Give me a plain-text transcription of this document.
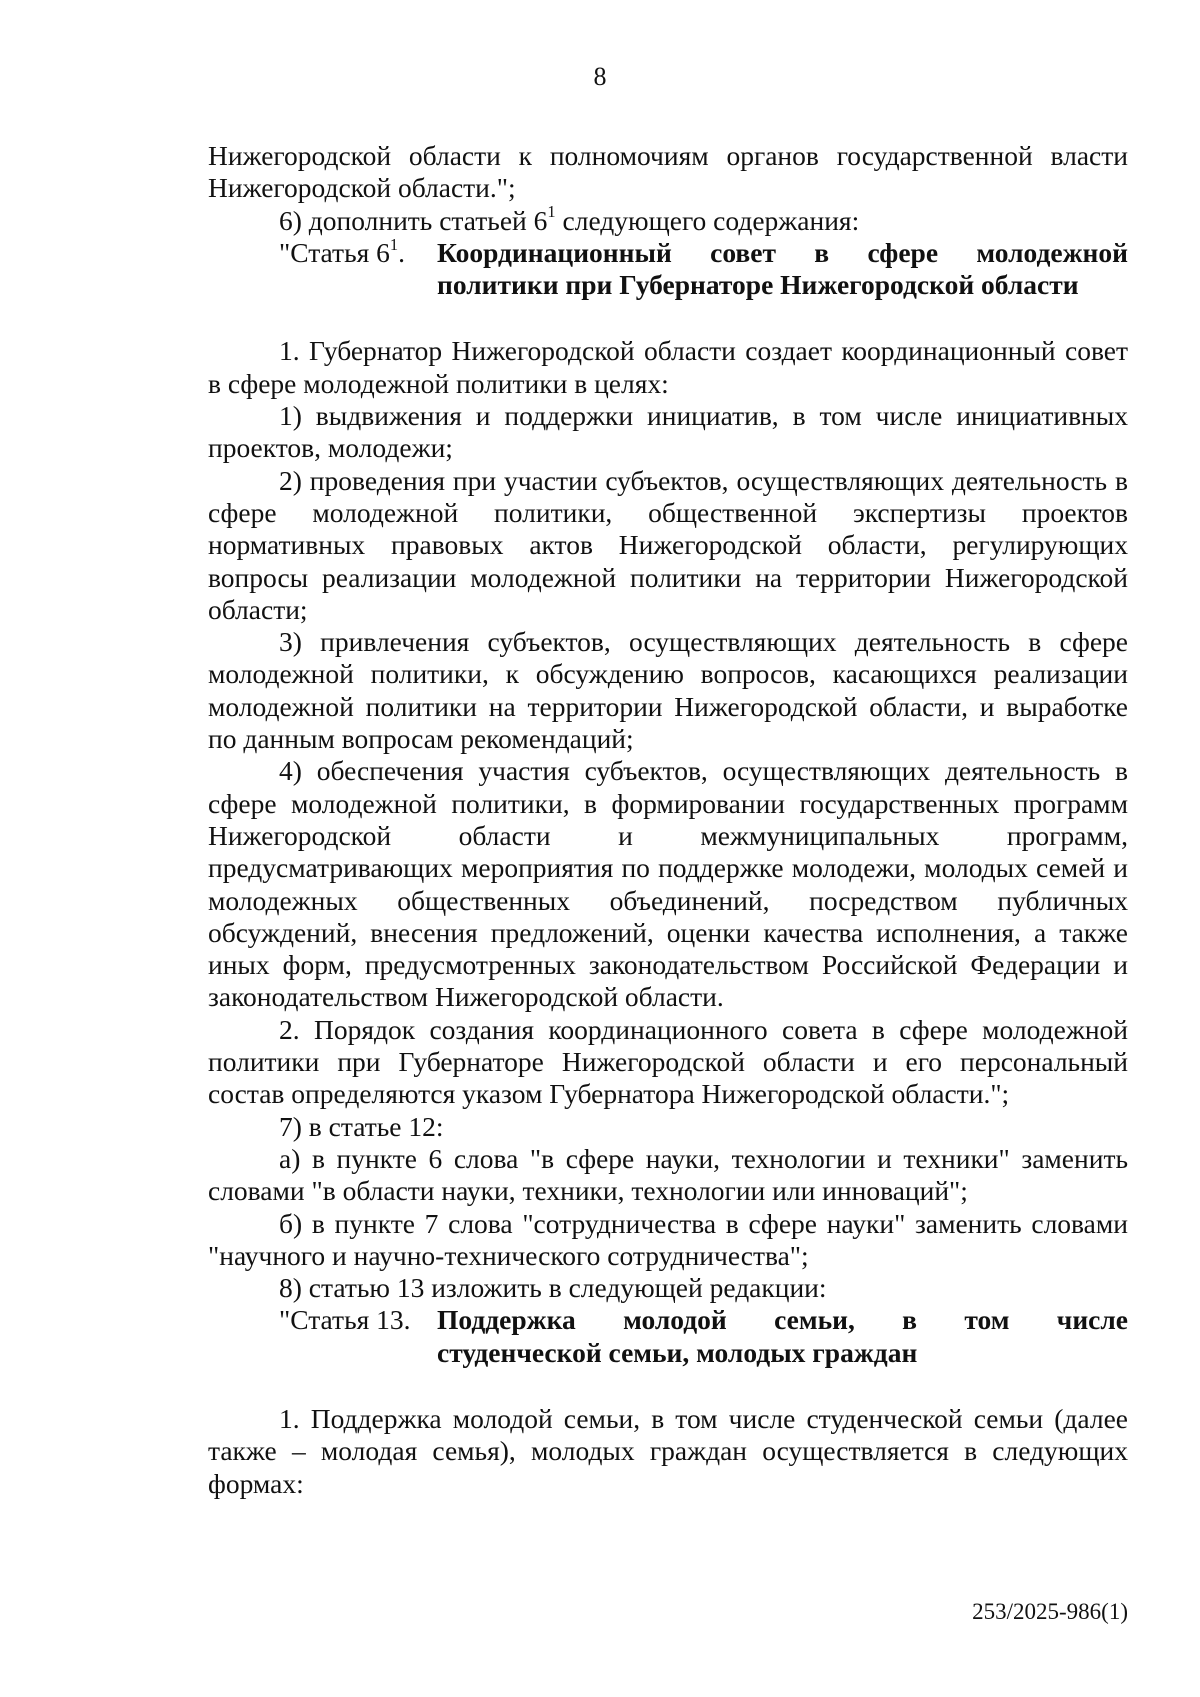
8

Нижегородской области к полномочиям органов государственной власти Нижегородской области.";

6) дополнить статьей $6^1$ следующего содержания:

"Статья $6^1$.	Координационный совет в сфере молодежной
политики при Губернаторе Нижегородской области

1. Губернатор Нижегородской области создает координационный совет в сфере молодежной политики в целях:

1) выдвижения и поддержки инициатив, в том числе инициативных проектов, молодежи;

2) проведения при участии субъектов, осуществляющих деятельность в сфере молодежной политики, общественной экспертизы проектов нормативных правовых актов Нижегородской области, регулирующих вопросы реализации молодежной политики на территории Нижегородской области;

3) привлечения субъектов, осуществляющих деятельность в сфере молодежной политики, к обсуждению вопросов, касающихся реализации молодежной политики на территории Нижегородской области, и выработке по данным вопросам рекомендаций;

4) обеспечения участия субъектов, осуществляющих деятельность в сфере молодежной политики, в формировании государственных программ Нижегородской области и межмуниципальных программ, предусматривающих мероприятия по поддержке молодежи, молодых семей и молодежных общественных объединений, посредством публичных обсуждений, внесения предложений, оценки качества исполнения, а также иных форм, предусмотренных законодательством Российской Федерации и законодательством Нижегородской области.

2. Порядок создания координационного совета в сфере молодежной политики при Губернаторе Нижегородской области и его персональный состав определяются указом Губернатора Нижегородской области.";

7) в статье 12:

а) в пункте 6 слова "в сфере науки, технологии и техники" заменить словами "в области науки, техники, технологии или инноваций";

б) в пункте 7 слова "сотрудничества в сфере науки" заменить словами "научного и научно-технического сотрудничества";

8) статью 13 изложить в следующей редакции:

"Статья 13. Поддержка молодой семьи, в том числе
студенческой семьи, молодых граждан

1. Поддержка молодой семьи, в том числе студенческой семьи (далее также – молодая семья), молодых граждан осуществляется в следующих формах:

253/2025-986(1)
